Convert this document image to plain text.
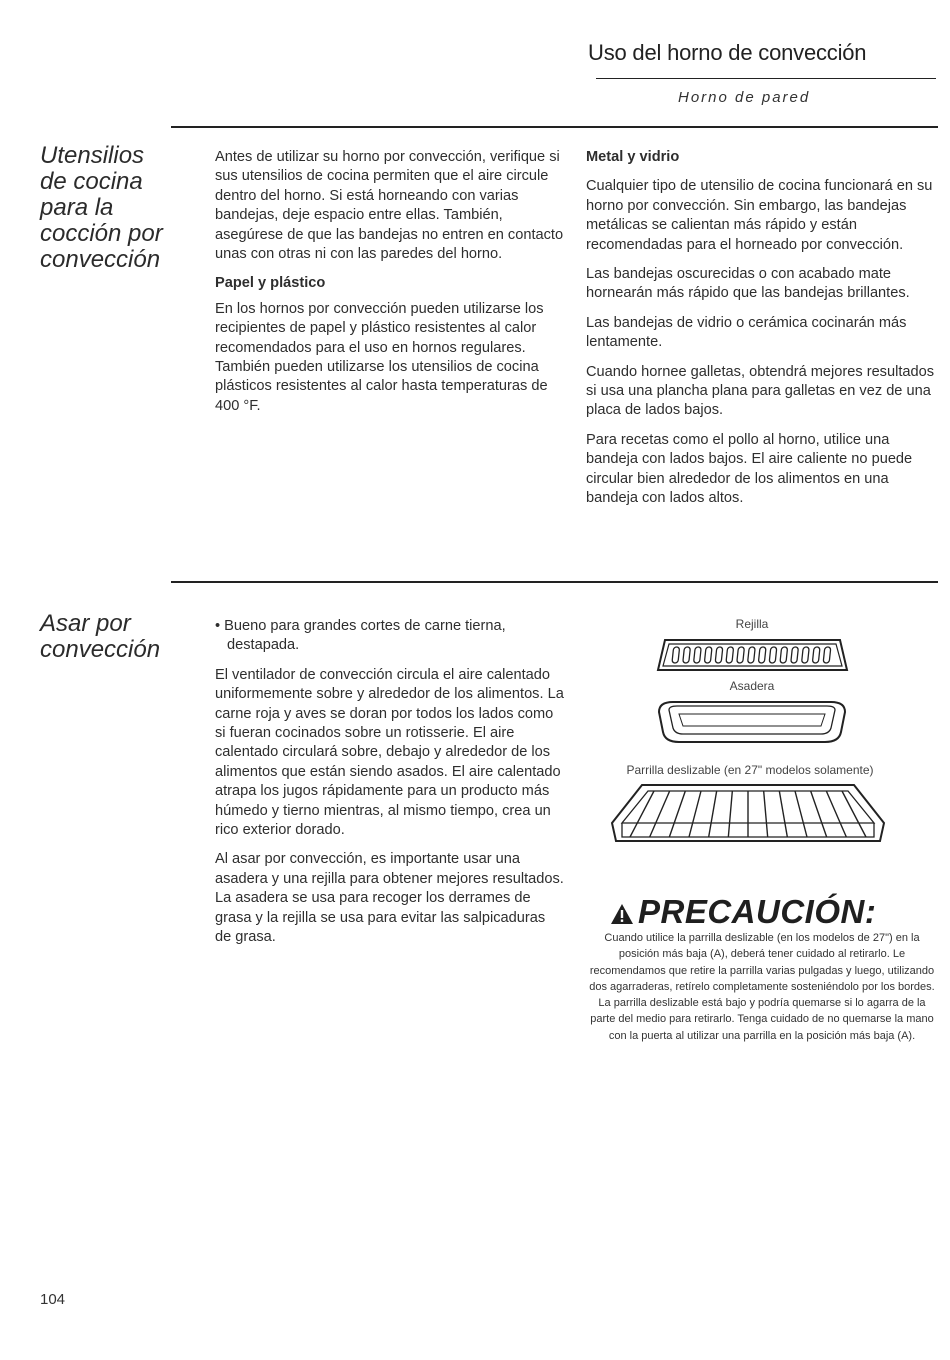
Uso del horno de convección
Horno de pared
Utensilios de cocina para la cocción por convección

Antes de utilizar su horno por convección, verifique si sus utensilios de cocina permiten que el aire circule dentro del horno. Si está horneando con varias bandejas, deje espacio entre ellas. También, asegúrese de que las bandejas no entren en contacto unas con otras ni con las paredes del horno.

Papel y plástico

En los hornos por convección pueden utilizarse los recipientes de papel y plástico resistentes al calor recomendados para el uso en hornos regulares. También pueden utilizarse los utensilios de cocina plásticos resistentes al calor hasta temperaturas de 400 °F.

Metal y vidrio

Cualquier tipo de utensilio de cocina funcionará en su horno por convección. Sin embargo, las bandejas metálicas se calientan más rápido y están recomendadas para el horneado por convección.

Las bandejas oscurecidas o con acabado mate hornearán más rápido que las bandejas brillantes.

Las bandejas de vidrio o cerámica cocinarán más lentamente.

Cuando hornee galletas, obtendrá mejores resultados si usa una plancha plana para galletas en vez de una placa de lados bajos.

Para recetas como el pollo al horno, utilice una bandeja con lados bajos. El aire caliente no puede circular bien alrededor de los alimentos en una bandeja con lados altos.

Asar por convección

• Bueno para grandes cortes de carne tierna, destapada.

El ventilador de convección circula el aire calentado uniformemente sobre y alrededor de los alimentos. La carne roja y aves se doran por todos los lados como si fueran cocinados sobre un rotisserie. El aire calentado circulará sobre, debajo y alrededor de los alimentos que están siendo asados. El aire calentado atrapa los jugos rápidamente para un producto más húmedo y tierno mientras, al mismo tiempo, crea un rico exterior dorado.

Al asar por convección, es importante usar una asadera y una rejilla para obtener mejores resultados. La asadera se usa para recoger los derrames de grasa y la rejilla se usa para evitar las salpicaduras de grasa.

Rejilla
Asadera
Parrilla deslizable (en 27" modelos solamente)
PRECAUCIÓN:
Cuando utilice la parrilla deslizable (en los modelos de 27") en la posición más baja (A), deberá tener cuidado al retirarlo. Le recomendamos que retire la parrilla varias pulgadas y luego, utilizando dos agarraderas, retírelo completamente sosteniéndolo por los bordes. La parrilla deslizable está bajo y podría quemarse si lo agarra de la parte del medio para retirarlo. Tenga cuidado de no quemarse la mano con la puerta al utilizar una parrilla en la posición más baja (A).
104
